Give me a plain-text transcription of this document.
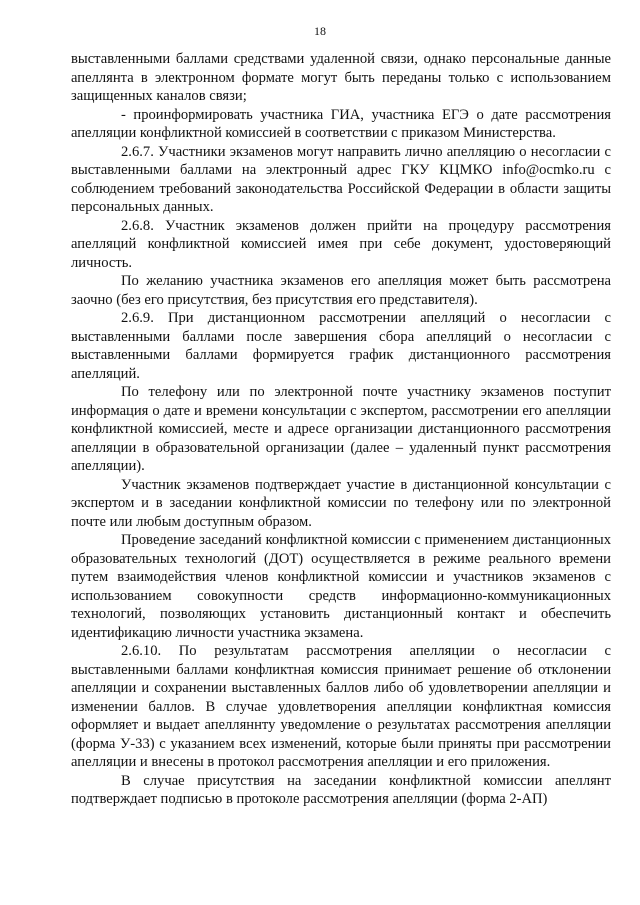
18

выставленными баллами средствами удаленной связи, однако персональные данные апеллянта в электронном формате могут быть переданы только с использованием защищенных каналов связи;

- проинформировать участника ГИА, участника ЕГЭ о дате рассмотрения апелляции конфликтной комиссией в соответствии с приказом Министерства.

2.6.7. Участники экзаменов могут направить лично апелляцию о несогласии с выставленными баллами на электронный адрес ГКУ КЦМКО info@ocmko.ru с соблюдением требований законодательства Российской Федерации в области защиты персональных данных.

2.6.8. Участник экзаменов должен прийти на процедуру рассмотрения апелляций конфликтной комиссией имея при себе документ, удостоверяющий личность.

По желанию участника экзаменов его апелляция может быть рассмотрена заочно (без его присутствия, без присутствия его представителя).

2.6.9. При дистанционном рассмотрении апелляций о несогласии с выставленными баллами после завершения сбора апелляций о несогласии с выставленными баллами формируется график дистанционного рассмотрения апелляций.

По телефону или по электронной почте участнику экзаменов поступит информация о дате и времени консультации с экспертом, рассмотрении его апелляции конфликтной комиссией, месте и адресе организации дистанционного рассмотрения апелляции в образовательной организации (далее – удаленный пункт рассмотрения апелляции).

Участник экзаменов подтверждает участие в дистанционной консультации с экспертом и в заседании конфликтной комиссии по телефону или по электронной почте или любым доступным образом.

Проведение заседаний конфликтной комиссии с применением дистанционных образовательных технологий (ДОТ) осуществляется в режиме реального времени путем взаимодействия членов конфликтной комиссии и участников экзаменов с использованием совокупности средств информационно-коммуникационных технологий, позволяющих установить дистанционный контакт и обеспечить идентификацию личности участника экзамена.

2.6.10. По результатам рассмотрения апелляции о несогласии с выставленными баллами конфликтная комиссия принимает решение об отклонении апелляции и сохранении выставленных баллов либо об удовлетворении апелляции и изменении баллов. В случае удовлетворения апелляции конфликтная комиссия оформляет и выдает апелляннту уведомление о результатах рассмотрения апелляции (форма У-33) с указанием всех изменений, которые были приняты при рассмотрении апелляции и внесены в протокол рассмотрения апелляции и его приложения.

В случае присутствия на заседании конфликтной комиссии апеллянт подтверждает подписью в протоколе рассмотрения апелляции (форма 2-АП)
